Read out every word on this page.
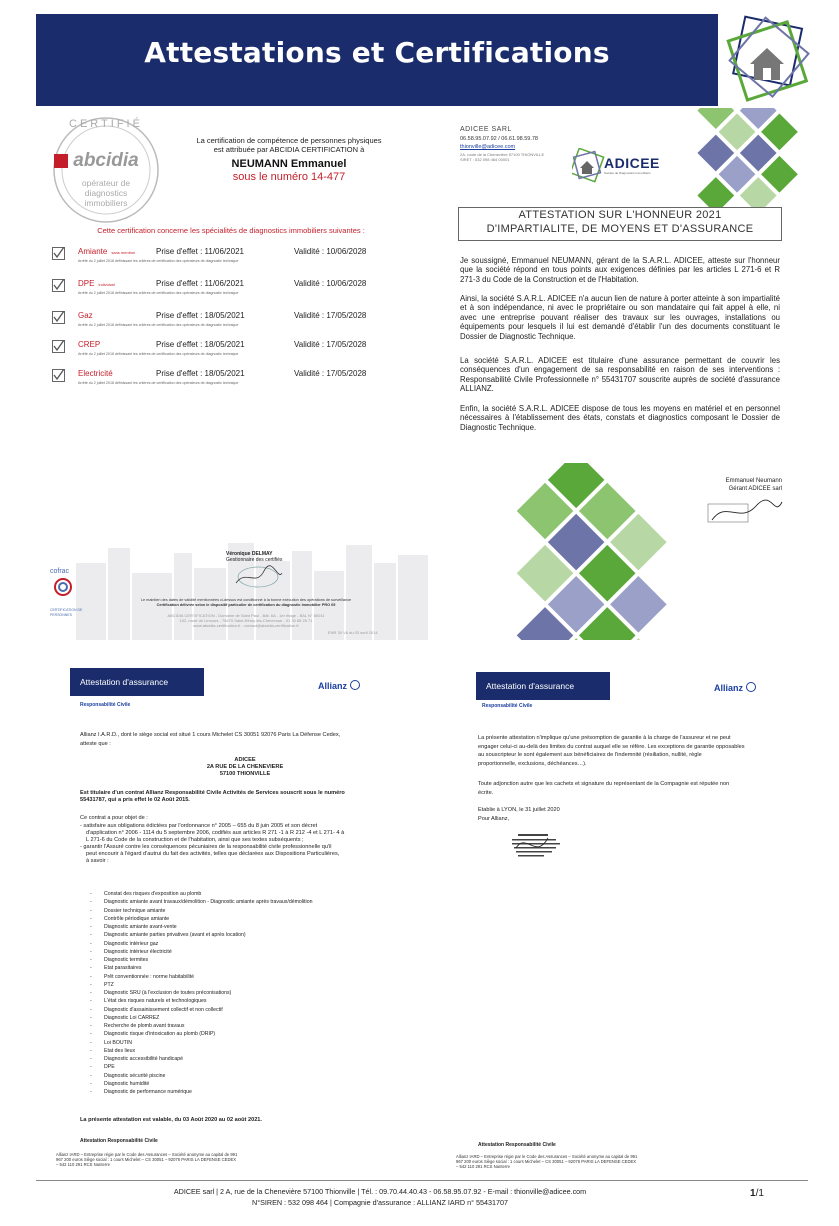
Attestations et Certifications
CERTIFIÉ
abcidia
opérateur de
diagnostics
immobiliers
La certification de compétence de personnes physiques
est attribuée par ABCIDIA CERTIFICATION à
NEUMANN Emmanuel
sous le numéro 14-477
Cette certification concerne les spécialités de diagnostics immobiliers suivantes :
Amiante sans mention	Prise d'effet : 11/06/2021	Validité : 10/06/2028
Arrêté du 2 juillet 2018 définissant les critères de certification des opérateurs de diagnostic technique
DPE individuel	Prise d'effet : 11/06/2021	Validité : 10/06/2028
Arrêté du 2 juillet 2018 définissant les critères de certification des opérateurs de diagnostic technique
Gaz	Prise d'effet : 18/05/2021	Validité : 17/05/2028
Arrêté du 2 juillet 2018 définissant les critères de certification des opérateurs de diagnostic technique
CREP	Prise d'effet : 18/05/2021	Validité : 17/05/2028
Arrêté du 2 juillet 2018 définissant les critères de certification des opérateurs de diagnostic technique
Electricité	Prise d'effet : 18/05/2021	Validité : 17/05/2028
Arrêté du 2 juillet 2018 définissant les critères de certification des opérateurs de diagnostic technique
cofrac
CERTIFICATION DE PERSONNES
Véronique DELMAY
Gestionnaire des certifiés
Le maintien des dates de validité mentionnées ci-dessus est conditionné à la bonne exécution des opérations de surveillance
Certification délivrée selon le dispositif particulier de certification du diagnostic immobilier PRO 05
ABCIDIA CERTIFICATION - Domaine de Saint Paul - Bât. 6A - 1er étage - BAL N° 80011
102, route de Limours - 78470 Saint-Rémy-lès-Chevreuse - 01 30 85 25 71
www.abcidia-certification.fr - contact@abcidia-certification.fr
ENR 30 V6 du 03 avril 2014
ADICEE SARL
06.58.95.07.92 / 06.61.98.59.78
thionville@adicee.com
2A, route de la Chenevière 57100 THIONVILLE
SIRET : 532 098 464 00001	ADICEE
Société de Diagnostics Immobiliers
ATTESTATION SUR L'HONNEUR 2021
D'IMPARTIALITE, DE MOYENS ET D'ASSURANCE
Je soussigné, Emmanuel NEUMANN, gérant de la S.A.R.L. ADICEE, atteste sur l'honneur que la société répond en tous points aux exigences définies par les articles L 271-6 et R 271-3 du Code de la Construction et de l'Habitation.
Ainsi, la société S.A.R.L. ADICEE n'a aucun lien de nature à porter atteinte à son impartialité et à son indépendance, ni avec le propriétaire ou son mandataire qui fait appel à elle, ni avec une entreprise pouvant réaliser des travaux sur les ouvrages, installations ou équipements pour lesquels il lui est demandé d'établir l'un des documents constituant le Dossier de Diagnostic Technique.
La société S.A.R.L. ADICEE est titulaire d'une assurance permettant de couvrir les conséquences d'un engagement de sa responsabilité en raison de ses interventions : Responsabilité Civile Professionnelle n° 55431707 souscrite auprès de société d'assurance ALLIANZ.
Enfin, la société S.A.R.L. ADICEE dispose de tous les moyens en matériel et en personnel nécessaires à l'établissement des états, constats et diagnostics composant le Dossier de Diagnostic Technique.
Emmanuel Neumann
Gérant ADICEE sarl
Attestation d'assurance	Allianz
Responsabilité Civile
Allianz I.A.R.D., dont le siège social est situé 1 cours Michelet CS 30051 92076 Paris La Défense Cedex,
atteste que :
ADICEE
2A RUE DE LA CHENEVIERE
57100 THIONVILLE
Est titulaire d'un contrat Allianz Responsabilité Civile Activités de Services souscrit sous le numéro
55431787, qui a pris effet le 02 Août 2015.
Ce contrat a pour objet de :
- satisfaire aux obligations édictées par l'ordonnance n° 2005 – 655 du 8 juin 2005 et son décret
d'application n° 2006 - 1114 du 5 septembre 2006, codifiés aux articles R 271 -1 à R 212 -4 et L 271- 4 à
L 271-6 du Code de la construction et de l'habitation, ainsi que ses textes subséquents ;
- garantir l'Assuré contre les conséquences pécuniaires de la responsabilité civile professionnelle qu'il
peut encourir à l'égard d'autrui du fait des activités, telles que déclarées aux Dispositions Particulières,
à savoir :
- Constat des risques d'exposition au plomb
- Diagnostic amiante avant travaux/démolition - Diagnostic amiante après travaux/démolition
- Dossier technique amiante
- Contrôle périodique amiante
- Diagnostic amiante avant-vente
- Diagnostic amiante parties privatives (avant et après location)
- Diagnostic intérieur gaz
- Diagnostic intérieur électricité
- Diagnostic termites
- Etat parasitaires
- Prêt conventionnée : norme habitabilité
- PTZ
- Diagnostic SRU (à l'exclusion de toutes préconisations)
- L'état des risques naturels et technologiques
- Diagnostic d'assainissement collectif et non collectif
- Diagnostic Loi CARREZ
- Recherche de plomb avant travaux
- Diagnostic risque d'intoxication au plomb (DRIP)
- Loi BOUTIN
- Etat des lieux
- Diagnostic accessibilité handicapé
- DPE
- Diagnostic sécurité piscine
- Diagnostic humidité
- Diagnostic de performance numérique
La présente attestation est valable, du 03 Août 2020 au 02 août 2021.
Attestation Responsabilité Civile
Allianz IARD – Entreprise régie par le Code des Assurances – Société anonyme au capital de 991
967 200 euros Siège social : 1 cours Michelet – CS 30051 – 92076 PARIS LA DEFENSE CEDEX
– 542 110 291 RCS Nanterre
Attestation d'assurance	Allianz
Responsabilité Civile
La présente attestation n'implique qu'une présomption de garantie à la charge de l'assureur et ne peut
engager celui-ci au-delà des limites du contrat auquel elle se réfère. Les exceptions de garantie opposables
au souscripteur le sont également aux bénéficiaires de l'indemnité (résiliation, nullité, règle
proportionnelle, exclusions, déchéances…).
Toute adjonction autre que les cachets et signature du représentant de la Compagnie est réputée non
écrite.
Etablie à LYON, le 31 juillet 2020
Pour Allianz,
Attestation Responsabilité Civile
Allianz IARD – Entreprise régie par le Code des Assurances – Société anonyme au capital de 991
967 200 euros Siège social : 1 cours Michelet – CS 30051 – 92076 PARIS LA DEFENSE CEDEX
– 542 110 291 RCS Nanterre
ADICEE sarl | 2 A, rue de la Chenevière 57100 Thionville | Tél. : 09.70.44.40.43 - 06.58.95.07.92 - E-mail : thionville@adicee.com
N°SIREN : 532 098 464 | Compagnie d'assurance : ALLIANZ IARD n° 55431707
1/1
